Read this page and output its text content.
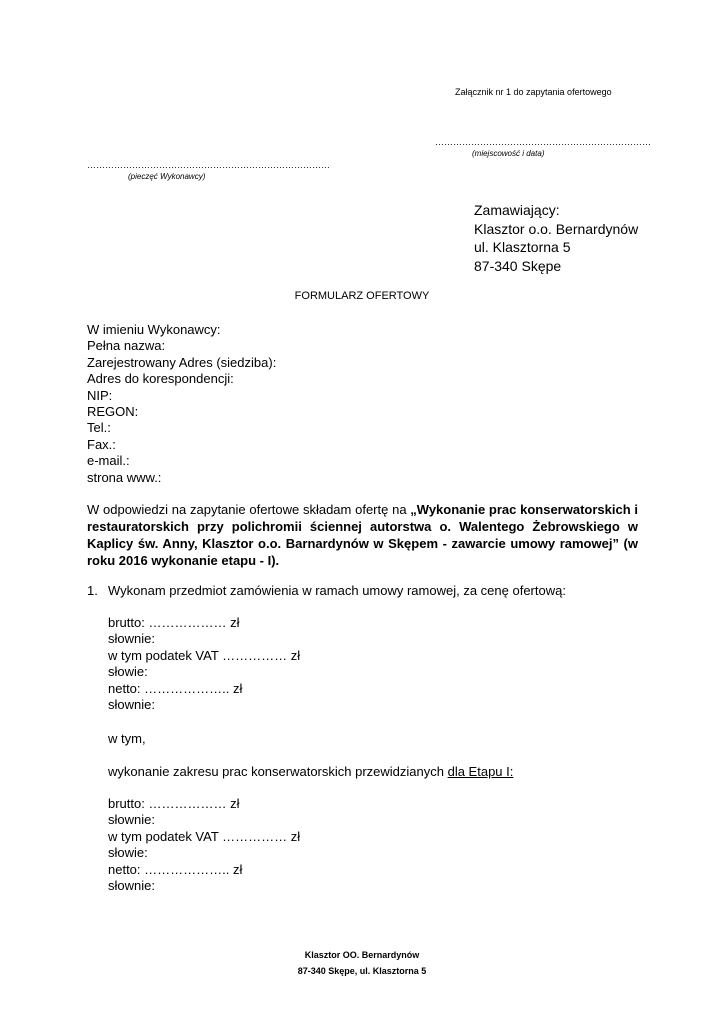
Załącznik nr 1 do zapytania ofertowego
………………………………………………………………
(miejscowość i data)
………………………………………………………………………
(pieczęć Wykonawcy)
Zamawiający:
Klasztor o.o. Bernardynów
ul. Klasztorna 5
87-340 Skępe
FORMULARZ OFERTOWY
W imieniu Wykonawcy:
Pełna nazwa:
Zarejestrowany Adres (siedziba):
Adres do korespondencji:
NIP:
REGON:
Tel.:
Fax.:
e-mail.:
strona www.:
W odpowiedzi na zapytanie ofertowe składam ofertę na „Wykonanie prac konserwatorskich i restauratorskich przy polichromii ściennej autorstwa o. Walentego Żebrowskiego w Kaplicy św. Anny, Klasztor o.o. Barnardynów w Skępem - zawarcie umowy ramowej” (w roku 2016 wykonanie etapu - I).
1. Wykonam przedmiot zamówienia w ramach umowy ramowej, za cenę ofertową:
brutto: ……………… zł
słownie:
w tym podatek VAT …………… zł
słowie:
netto: ……………….. zł
słownie:
w tym,
wykonanie zakresu prac konserwatorskich przewidzianych dla Etapu I:
brutto: ……………… zł
słownie:
w tym podatek VAT …………… zł
słowie:
netto: ……………….. zł
słownie:
Klasztor OO. Bernardynów
87-340 Skępe, ul. Klasztorna 5
